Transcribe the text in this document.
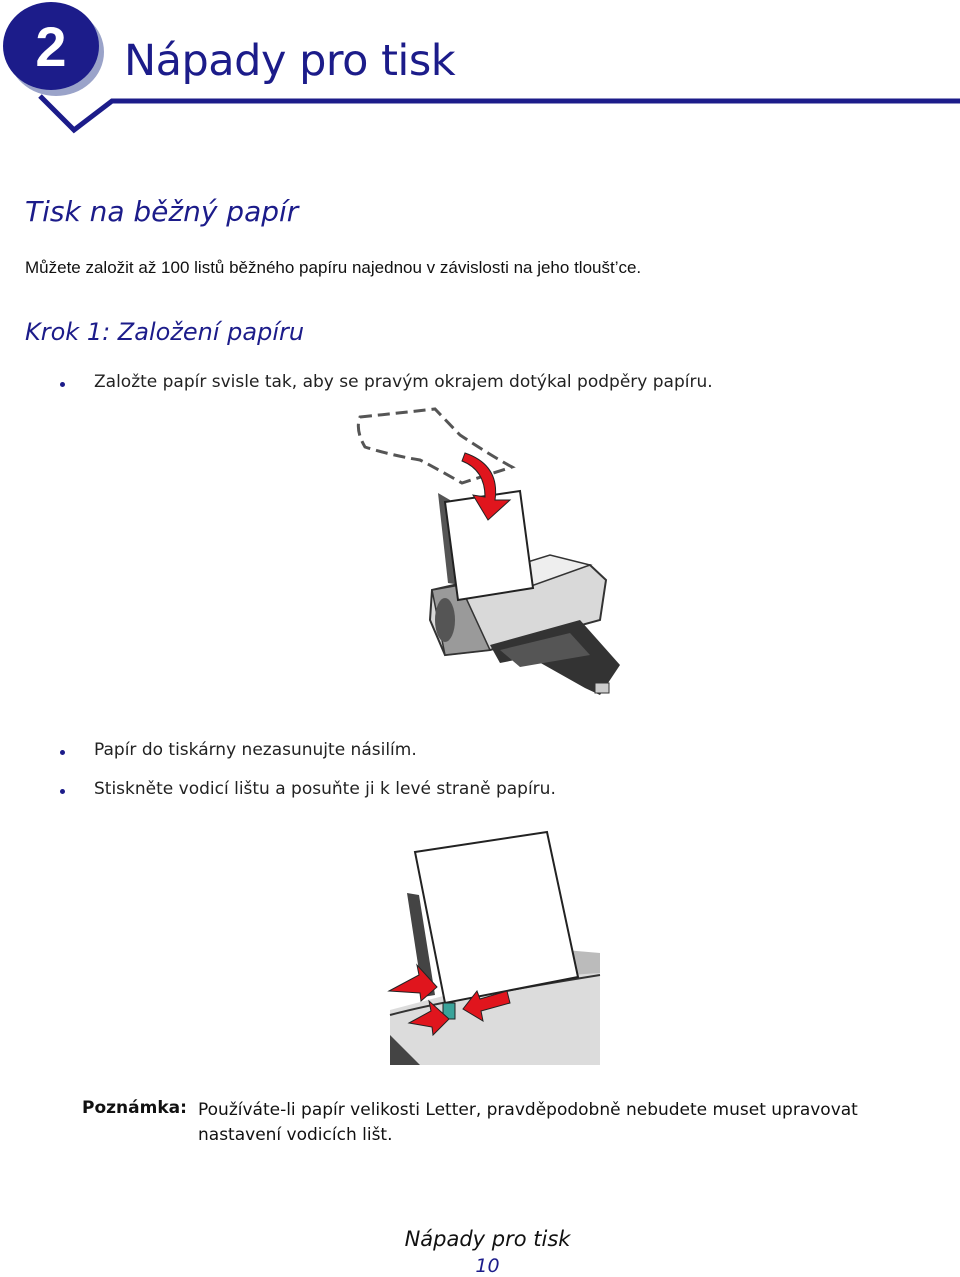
2 Nápady pro tisk
Tisk na běžný papír

Můžete založit až 100 listů běžného papíru najednou v závislosti na jeho tloušt’ce.

Krok 1: Založení papíru
Založte papír svisle tak, aby se pravým okrajem dotýkal podpěry papíru.
Papír do tiskárny nezasunujte násilím.
Stiskněte vodicí lištu a posuňte ji k levé straně papíru.
Poznámka: Používáte-li papír velikosti Letter, pravděpodobně nebudete muset upravovat nastavení vodicích lišt.
Nápady pro tisk
10
